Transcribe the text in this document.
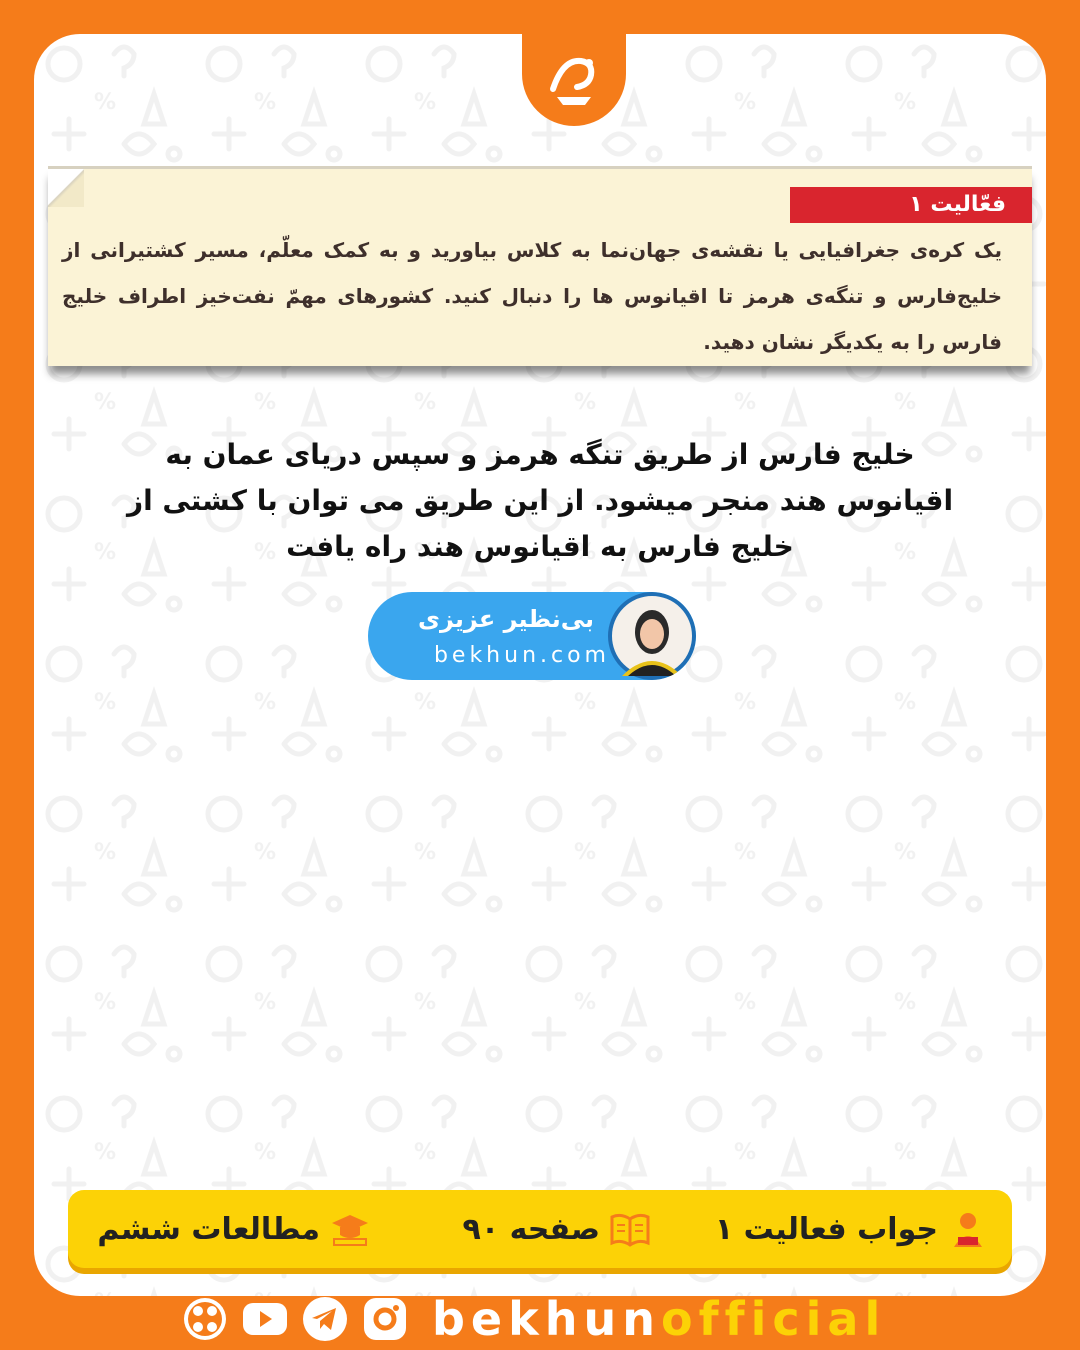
فعّالیت ۱
یک کره‌ی جغرافیایی یا نقشه‌ی جهان‌نما به کلاس بیاورید و به کمک معلّم، مسیر کشتیرانی از خلیج‌فارس و تنگه‌ی هرمز تا اقیانوس ها را دنبال کنید. کشورهای مهمّ نفت‌خیز اطراف خلیج فارس را به یکدیگر نشان دهید.
خلیج فارس از طریق تنگه هرمز و سپس دریای عمان به اقیانوس هند منجر میشود. از این طریق می توان با کشتی از خلیج فارس به اقیانوس هند راه یافت
بی‌نظیر عزیزی
bekhun.com
جواب فعالیت ۱
صفحه ۹۰
مطالعات ششم
bekhunofficial
